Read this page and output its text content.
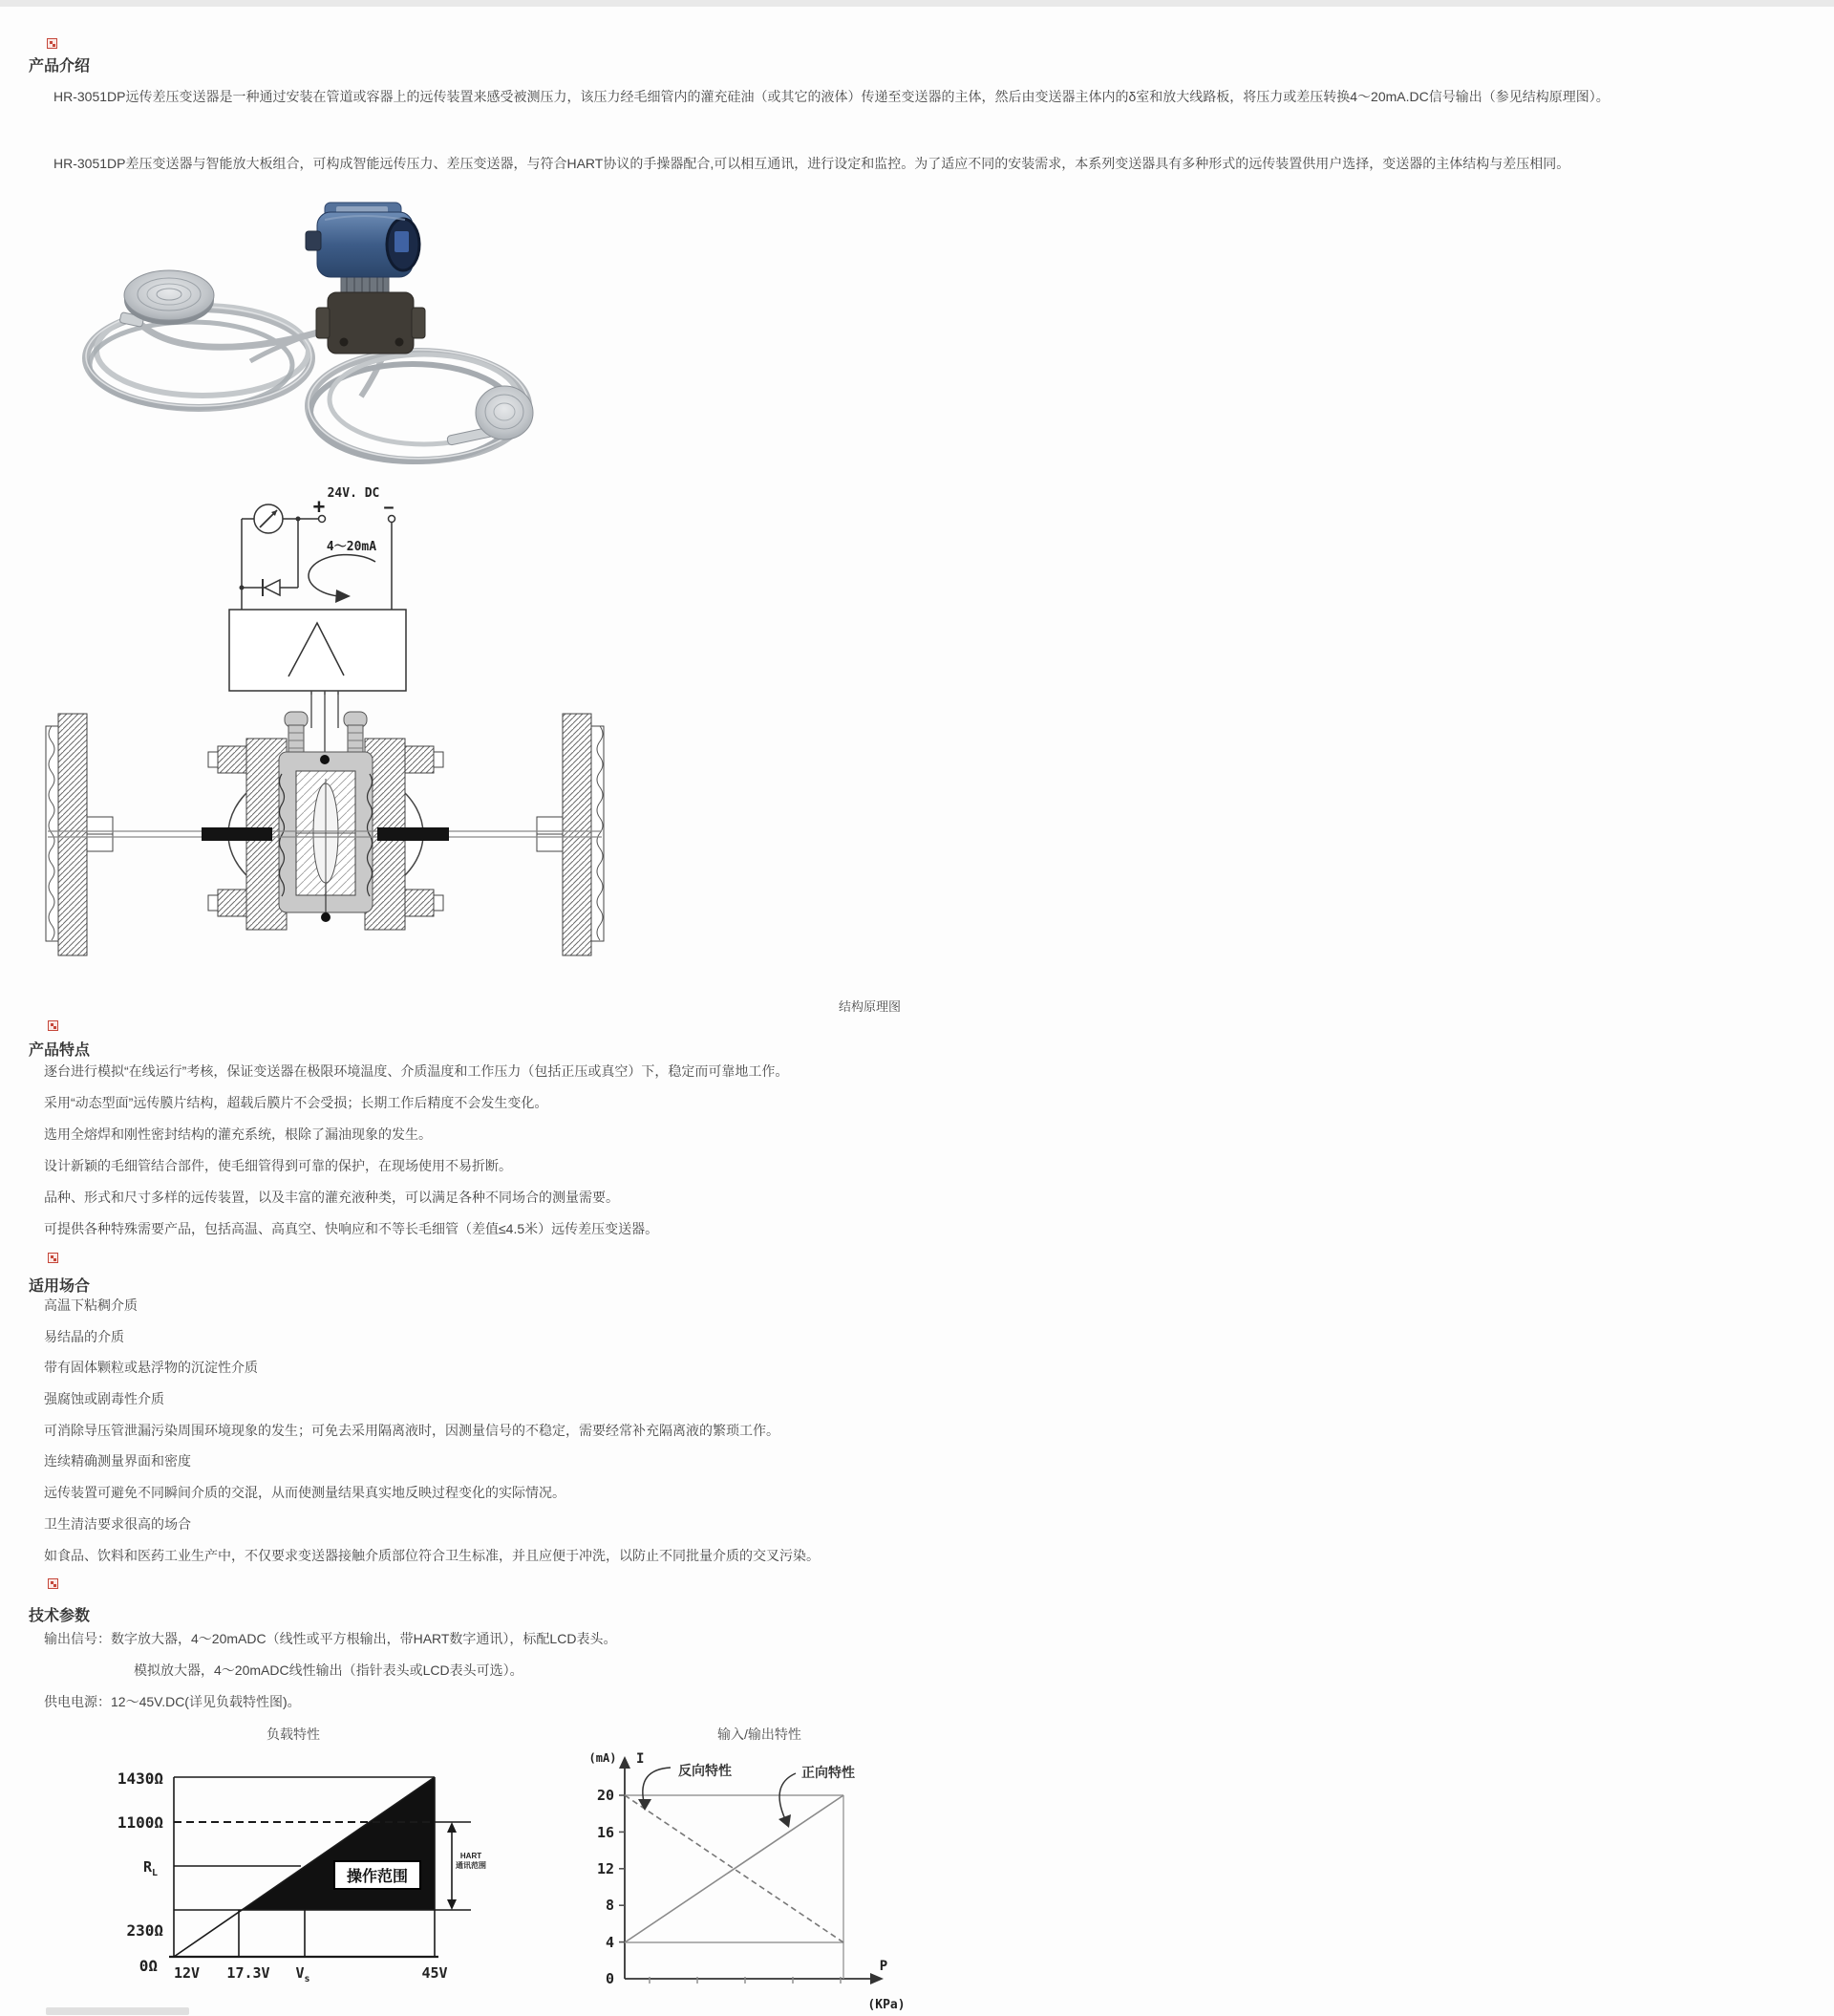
产品介绍
HR-3051DP远传差压变送器是一种通过安装在管道或容器上的远传装置来感受被测压力，该压力经毛细管内的灌充硅油（或其它的液体）传递至变送器的主体，然后由变送器主体内的δ室和放大线路板，将压力或差压转换4～20mA.DC信号输出（参见结构原理图）。
HR-3051DP差压变送器与智能放大板组合，可构成智能远传压力、差压变送器，与符合HART协议的手操器配合,可以相互通讯，进行设定和监控。为了适应不同的安装需求，本系列变送器具有多种形式的远传装置供用户选择，变送器的主体结构与差压相同。
24V. DC
+	−
4～20mA
结构原理图
产品特点
逐台进行模拟“在线运行”考核，保证变送器在极限环境温度、介质温度和工作压力（包括正压或真空）下，稳定而可靠地工作。
采用“动态型面”远传膜片结构，超载后膜片不会受损；长期工作后精度不会发生变化。
选用全熔焊和刚性密封结构的灌充系统，根除了漏油现象的发生。
设计新颖的毛细管结合部件，使毛细管得到可靠的保护，在现场使用不易折断。
品种、形式和尺寸多样的远传装置，以及丰富的灌充液种类，可以满足各种不同场合的测量需要。
可提供各种特殊需要产品，包括高温、高真空、快响应和不等长毛细管（差值≤4.5米）远传差压变送器。
适用场合
高温下粘稠介质
易结晶的介质
带有固体颗粒或悬浮物的沉淀性介质
强腐蚀或剧毒性介质
可消除导压管泄漏污染周围环境现象的发生；可免去采用隔离液时，因测量信号的不稳定，需要经常补充隔离液的繁琐工作。
连续精确测量界面和密度
远传装置可避免不同瞬间介质的交混，从而使测量结果真实地反映过程变化的实际情况。
卫生清洁要求很高的场合
如食品、饮料和医药工业生产中，不仅要求变送器接触介质部位符合卫生标准，并且应便于冲洗，以防止不同批量介质的交叉污染。
技术参数
输出信号：数字放大器，4～20mADC（线性或平方根输出，带HART数字通讯），标配LCD表头。
模拟放大器，4～20mADC线性输出（指针表头或LCD表头可选）。
供电电源：12～45V.DC(详见负载特性图)。
负载特性	输入/输出特性
HART
通讯范围
操作范围
1430Ω
1100Ω
$R_L$
230Ω
0Ω 12V 17.3V $V_s$	45V
20
16
12
8
4
0
(mA) I
P
(KPa)
反向特性	正向特性
